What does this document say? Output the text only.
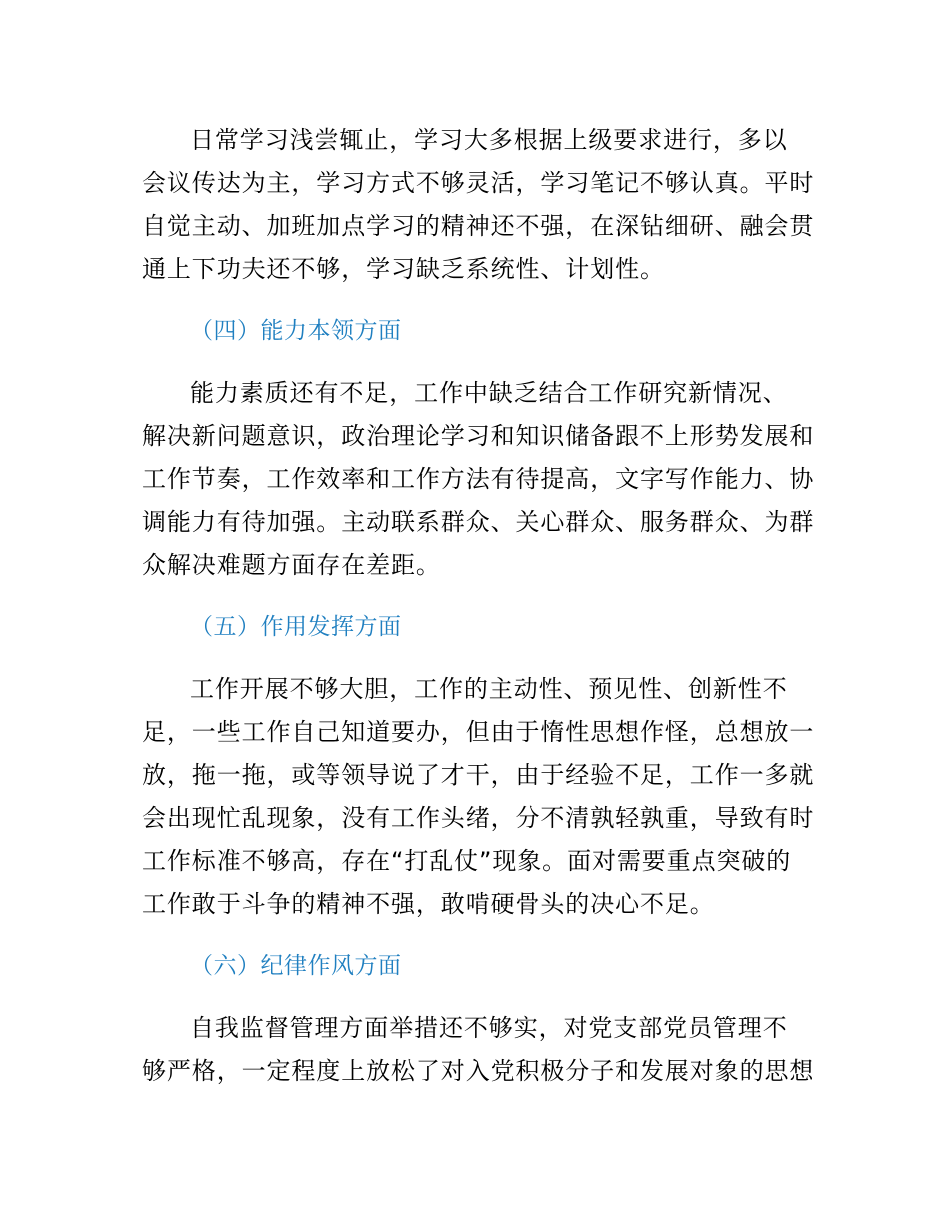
日常学习浅尝辄止，学习大多根据上级要求进行，多以

会议传达为主，学习方式不够灵活，学习笔记不够认真。平时

自觉主动、加班加点学习的精神还不强，在深钻细研、融会贯

通上下功夫还不够，学习缺乏系统性、计划性。

（四）能力本领方面

能力素质还有不足，工作中缺乏结合工作研究新情况、

解决新问题意识，政治理论学习和知识储备跟不上形势发展和

工作节奏，工作效率和工作方法有待提高，文字写作能力、协

调能力有待加强。主动联系群众、关心群众、服务群众、为群

众解决难题方面存在差距。

（五）作用发挥方面

工作开展不够大胆，工作的主动性、预见性、创新性不

足，一些工作自己知道要办，但由于惰性思想作怪，总想放一

放，拖一拖，或等领导说了才干，由于经验不足，工作一多就

会出现忙乱现象，没有工作头绪，分不清孰轻孰重，导致有时

工作标准不够高，存在“打乱仗”现象。面对需要重点突破的

工作敢于斗争的精神不强，敢啃硬骨头的决心不足。

（六）纪律作风方面

自我监督管理方面举措还不够实，对党支部党员管理不

够严格，一定程度上放松了对入党积极分子和发展对象的思想
